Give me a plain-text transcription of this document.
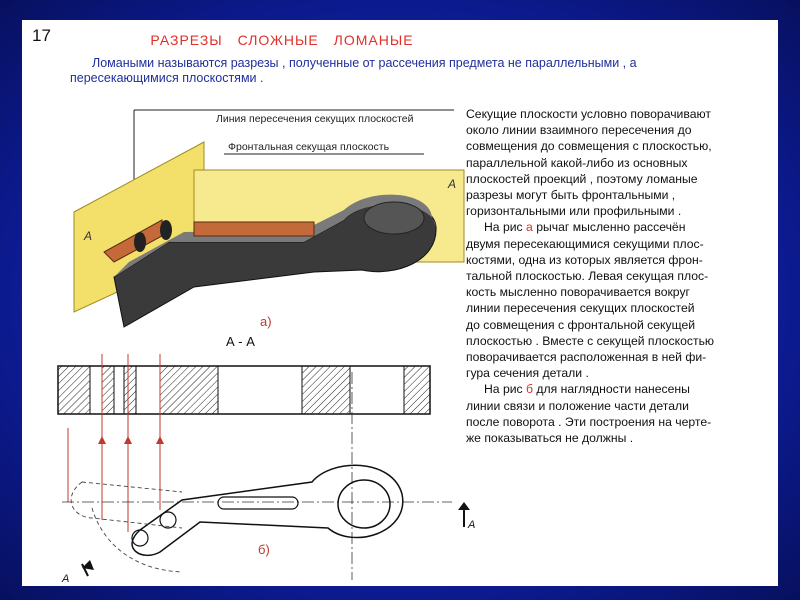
17	РАЗРЕЗЫ СЛОЖНЫЕ ЛОМАНЫЕ
Ломаными называются разрезы , полученные от рассечения предмета не параллельными , а
пересекающимися плоскостями .
Линия пересечения секущих плоскостей
Фронтальная секущая плоскость
А
А
а)
А - А
А
А
б)
Секущие плоскости условно поворачивают
около линии взаимного пересечения до
совмещения до совмещения с плоскостью,
параллельной какой-либо из основных
плоскостей проекций , поэтому ломаные
разрезы могут быть фронтальными ,
горизонтальными или профильными .

На рис а рычаг мысленно рассечён

двумя пересекающимися секущими плос-
костями, одна из которых является фрон-
тальной плоскостью. Левая секущая плос-
кость мысленно поворачивается вокруг
линии пересечения секущих плоскостей
до совмещения с фронтальной секущей
плоскостью . Вместе с секущей плоскостью
поворачивается расположенная в ней фи-
гура сечения детали .

На рис б для наглядности нанесены

линии связи и положение части детали
после поворота . Эти построения на черте-
же показываться не должны .
